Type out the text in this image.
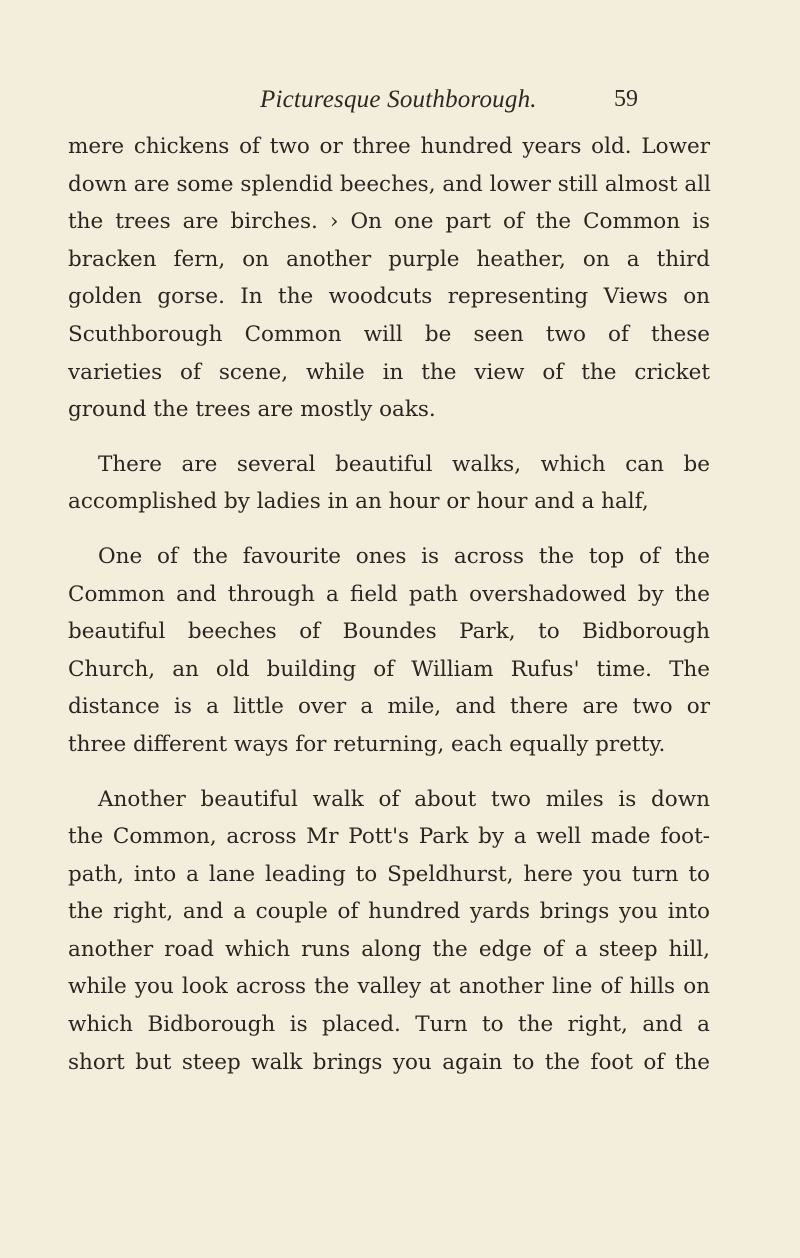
Picturesque Southborough.	59
mere chickens of two or three hundred years old. Lower
down are some splendid beeches, and lower still almost all
the trees are birches. › On one part of the Common is
bracken fern, on another purple heather, on a third
golden gorse. In the woodcuts representing Views on
Scuthborough Common will be seen two of these
varieties of scene, while in the view of the cricket
ground the trees are mostly oaks.
There are several beautiful walks, which can be
accomplished by ladies in an hour or hour and a half,
One of the favourite ones is across the top of the
Common and through a field path overshadowed by the
beautiful beeches of Boundes Park, to Bidborough
Church, an old building of William Rufus' time. The
distance is a little over a mile, and there are two or
three different ways for returning, each equally pretty.
Another beautiful walk of about two miles is down
the Common, across Mr Pott's Park by a well made foot-
path, into a lane leading to Speldhurst, here you turn to
the right, and a couple of hundred yards brings you into
another road which runs along the edge of a steep hill,
while you look across the valley at another line of hills on
which Bidborough is placed. Turn to the right, and a
short but steep walk brings you again to the foot of the
